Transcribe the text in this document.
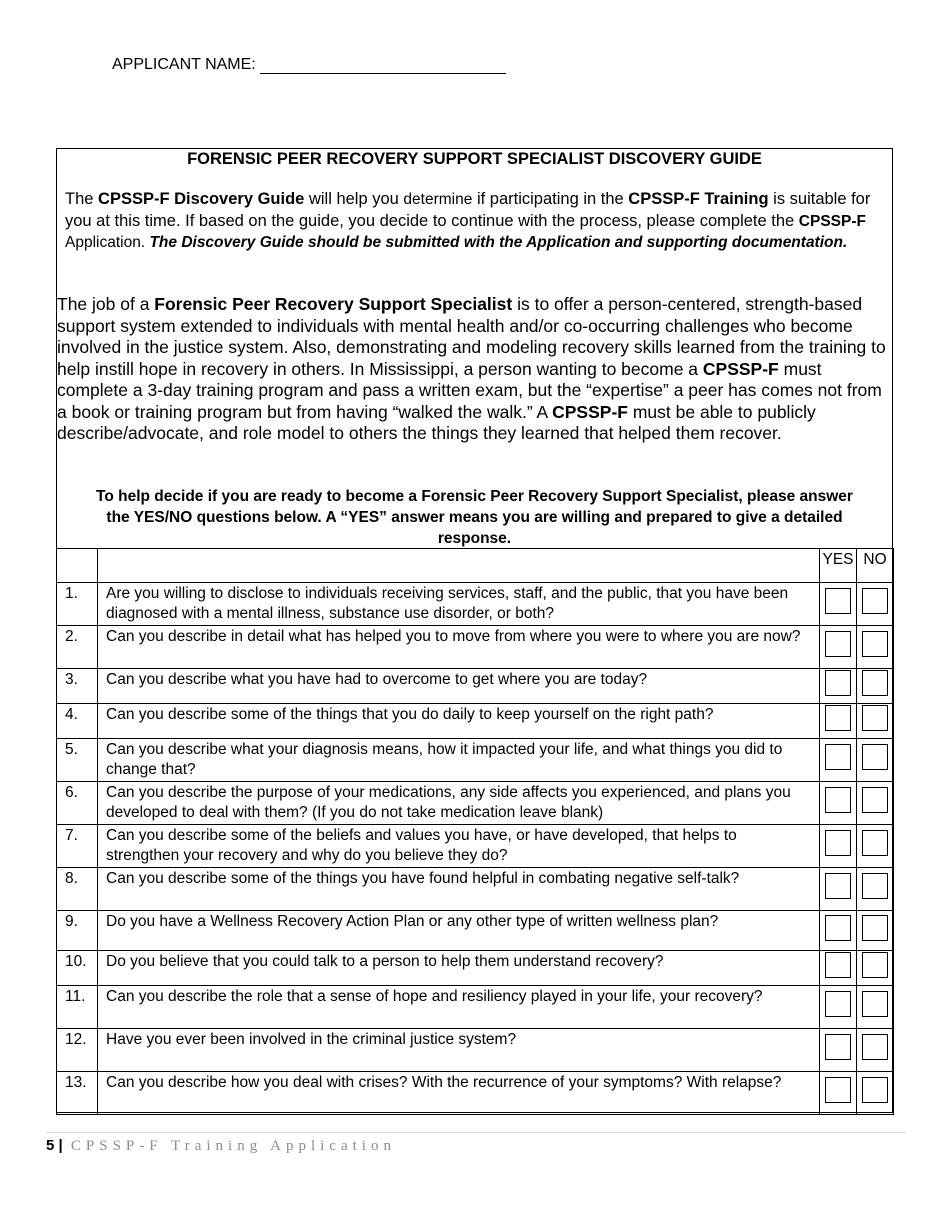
APPLICANT NAME:
FORENSIC PEER RECOVERY SUPPORT SPECIALIST DISCOVERY GUIDE
The CPSSP-F Discovery Guide will help you determine if participating in the CPSSP-F Training is suitable for you at this time. If based on the guide, you decide to continue with the process, please complete the CPSSP-F Application. The Discovery Guide should be submitted with the Application and supporting documentation.
The job of a Forensic Peer Recovery Support Specialist is to offer a person-centered, strength-based support system extended to individuals with mental health and/or co-occurring challenges who become involved in the justice system. Also, demonstrating and modeling recovery skills learned from the training to help instill hope in recovery in others. In Mississippi, a person wanting to become a CPSSP-F must complete a 3-day training program and pass a written exam, but the “expertise” a peer has comes not from a book or training program but from having “walked the walk.” A CPSSP-F must be able to publicly describe/advocate, and role model to others the things they learned that helped them recover.
To help decide if you are ready to become a Forensic Peer Recovery Support Specialist, please answer the YES/NO questions below. A “YES” answer means you are willing and prepared to give a detailed response.
		YES	NO
1.	Are you willing to disclose to individuals receiving services, staff, and the public, that you have been diagnosed with a mental illness, substance use disorder, or both?		
2.	Can you describe in detail what has helped you to move from where you were to where you are now?		
3.	Can you describe what you have had to overcome to get where you are today?		
4.	Can you describe some of the things that you do daily to keep yourself on the right path?		
5.	Can you describe what your diagnosis means, how it impacted your life, and what things you did to change that?		
6.	Can you describe the purpose of your medications, any side affects you experienced, and plans you developed to deal with them? (If you do not take medication leave blank)		
7.	Can you describe some of the beliefs and values you have, or have developed, that helps to strengthen your recovery and why do you believe they do?		
8.	Can you describe some of the things you have found helpful in combating negative self-talk?		
9.	Do you have a Wellness Recovery Action Plan or any other type of written wellness plan?		
10.	Do you believe that you could talk to a person to help them understand recovery?		
11.	Can you describe the role that a sense of hope and resiliency played in your life, your recovery?		
12.	Have you ever been involved in the criminal justice system?		
13.	Can you describe how you deal with crises? With the recurrence of your symptoms? With relapse?		
5 | CPSSP-F Training Application
